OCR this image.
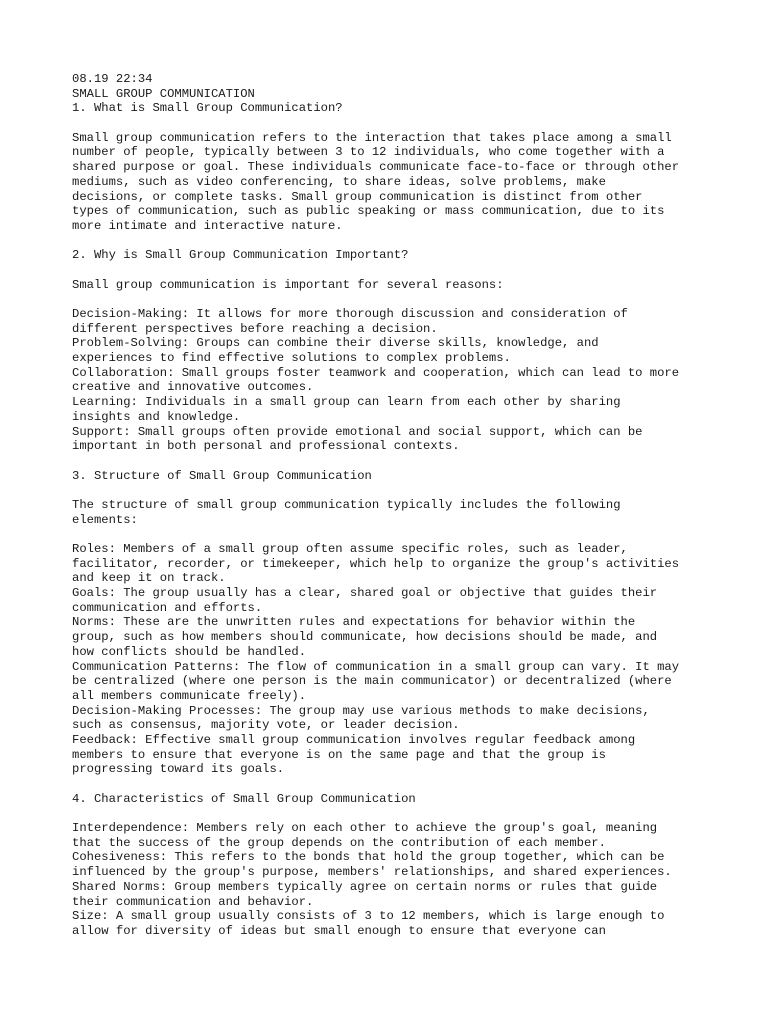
08.19 22:34
SMALL GROUP COMMUNICATION
1. What is Small Group Communication?
Small group communication refers to the interaction that takes place among a small
number of people, typically between 3 to 12 individuals, who come together with a
shared purpose or goal. These individuals communicate face-to-face or through other
mediums, such as video conferencing, to share ideas, solve problems, make
decisions, or complete tasks. Small group communication is distinct from other
types of communication, such as public speaking or mass communication, due to its
more intimate and interactive nature.
2. Why is Small Group Communication Important?
Small group communication is important for several reasons:
Decision-Making: It allows for more thorough discussion and consideration of
different perspectives before reaching a decision.
Problem-Solving: Groups can combine their diverse skills, knowledge, and
experiences to find effective solutions to complex problems.
Collaboration: Small groups foster teamwork and cooperation, which can lead to more
creative and innovative outcomes.
Learning: Individuals in a small group can learn from each other by sharing
insights and knowledge.
Support: Small groups often provide emotional and social support, which can be
important in both personal and professional contexts.
3. Structure of Small Group Communication
The structure of small group communication typically includes the following
elements:
Roles: Members of a small group often assume specific roles, such as leader,
facilitator, recorder, or timekeeper, which help to organize the group's activities
and keep it on track.
Goals: The group usually has a clear, shared goal or objective that guides their
communication and efforts.
Norms: These are the unwritten rules and expectations for behavior within the
group, such as how members should communicate, how decisions should be made, and
how conflicts should be handled.
Communication Patterns: The flow of communication in a small group can vary. It may
be centralized (where one person is the main communicator) or decentralized (where
all members communicate freely).
Decision-Making Processes: The group may use various methods to make decisions,
such as consensus, majority vote, or leader decision.
Feedback: Effective small group communication involves regular feedback among
members to ensure that everyone is on the same page and that the group is
progressing toward its goals.
4. Characteristics of Small Group Communication
Interdependence: Members rely on each other to achieve the group's goal, meaning
that the success of the group depends on the contribution of each member.
Cohesiveness: This refers to the bonds that hold the group together, which can be
influenced by the group's purpose, members' relationships, and shared experiences.
Shared Norms: Group members typically agree on certain norms or rules that guide
their communication and behavior.
Size: A small group usually consists of 3 to 12 members, which is large enough to
allow for diversity of ideas but small enough to ensure that everyone can
